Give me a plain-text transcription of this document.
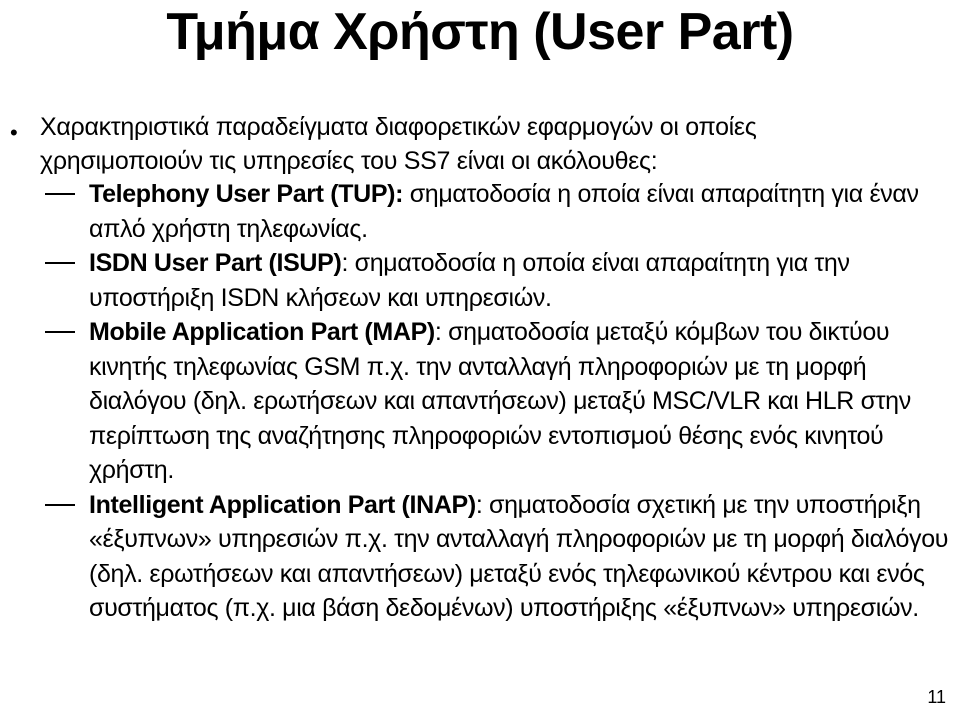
Τμήμα Χρήστη (User Part)
• Χαρακτηριστικά παραδείγματα διαφορετικών εφαρμογών οι οποίες
χρησιμοποιούν τις υπηρεσίες του SS7 είναι οι ακόλουθες:
Telephony User Part (TUP): σηματοδοσία η οποία είναι απαραίτητη για έναν απλό χρήστη τηλεφωνίας.
ISDN User Part (ISUP): σηματοδοσία η οποία είναι απαραίτητη για την υποστήριξη ISDN κλήσεων και υπηρεσιών.
Mobile Application Part (MAP): σηματοδοσία μεταξύ κόμβων του δικτύου κινητής τηλεφωνίας GSM π.χ. την ανταλλαγή πληροφοριών με τη μορφή διαλόγου (δηλ. ερωτήσεων και απαντήσεων) μεταξύ MSC/VLR και HLR στην περίπτωση της αναζήτησης πληροφοριών εντοπισμού θέσης ενός κινητού χρήστη.
Intelligent Application Part (INAP): σηματοδοσία σχετική με την υποστήριξη «έξυπνων» υπηρεσιών π.χ. την ανταλλαγή πληροφοριών με τη μορφή διαλόγου (δηλ. ερωτήσεων και απαντήσεων) μεταξύ ενός τηλεφωνικού κέντρου και ενός συστήματος (π.χ. μια βάση δεδομένων) υποστήριξης «έξυπνων» υπηρεσιών.
11
